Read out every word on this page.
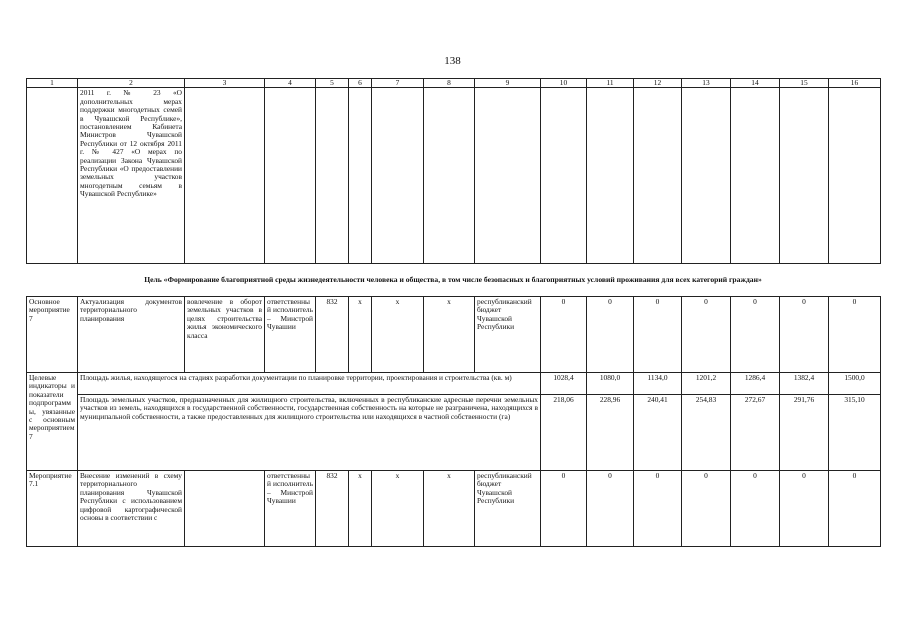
138
1	2	3	4	5	6	7	8	9	10	11	12	13	14	15	16
	2011 г. № 23 «О дополнительных мерах поддержки многодетных семей в Чувашской Республике», постановлением Кабинета Министров Чувашской Республики от 12 октября 2011 г. № 427 «О мерах по реализации Закона Чувашской Республики «О предоставлении земельных участков многодетным семьям в Чувашской Республике»														
Цель «Формирование благоприятной среды жизнедеятельности человека и общества, в том числе безопасных и благоприятных условий проживания для всех категорий граждан»
Основное мероприятие 7	Актуализация документов территориального планирования	вовлечение в оборот земельных участков в целях строительства жилья экономического класса	ответственный исполнитель – Минстрой Чувашии	832	x	x	x	республиканский бюджет Чувашской Республики	0	0	0	0	0	0	0
Целевые индикаторы и показатели подпрограммы, увязанные с основным мероприятием 7	Площадь жилья, находящегося на стадиях разработки документации по планировке территории, проектирования и строительства (кв. м)								1028,4	1080,0	1134,0	1201,2	1286,4	1382,4	1500,0
	Площадь земельных участков, предназначенных для жилищного строительства, включенных в республиканские адресные перечни земельных участков из земель, находящихся в государственной собственности, государственная собственность на которые не разграничена, находящихся в муниципальной собственности, а также предоставленных для жилищного строительства или находящихся в частной собственности (га)								218,06	228,96	240,41	254,83	272,67	291,76	315,10
Мероприятие 7.1	Внесение изменений в схему территориального планирования Чувашской Республики с использованием цифровой картографической основы в соответствии с		ответственный исполнитель – Минстрой Чувашии	832	x	x	x	республиканский бюджет Чувашской Республики	0	0	0	0	0	0	0
